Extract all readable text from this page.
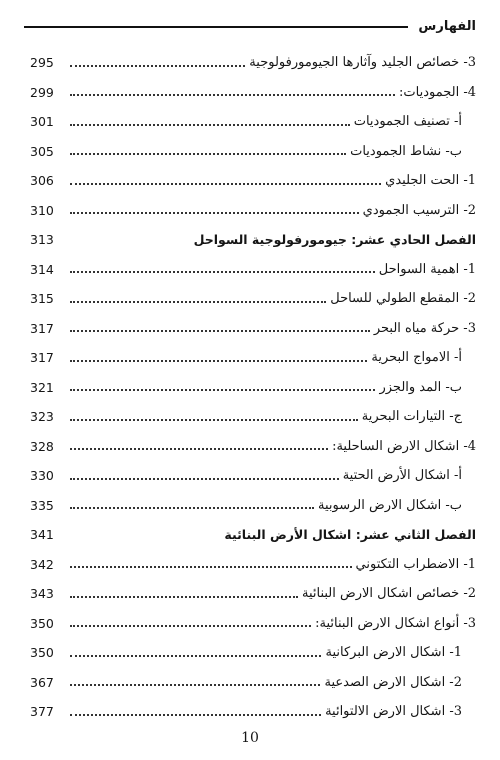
الفهارس
3- خصائص الجليد وآثارها الجيومورفولوجية
295
4- الجموديات:
299
أ- تصنيف الجموديات
301
ب- نشاط الجموديات
305
1- الحت الجليدي
306
2- الترسيب الجمودي
310
الفصل الحادي عشر: جيومورفولوجية السواحل
313
1- اهمية السواحل
314
2- المقطع الطولي للساحل
315
3- حركة مياه البحر
317
أ- الامواج البحرية
317
ب- المد والجزر
321
ج- التيارات البحرية
323
4- اشكال الارض الساحلية:
328
أ- اشكال الأرض الحتية
330
ب- اشكال الارض الرسوبية
335
الفصل الثاني عشر: اشكال الأرض البنائية
341
1- الاضطراب التكتوني
342
2- خصائص اشكال الارض البنائية
343
3- أنواع اشكال الارض البنائية:
350
1- اشكال الارض البركانية
350
2- اشكال الارض الصدعية
367
3- اشكال الارض الالتوائية
377
10
